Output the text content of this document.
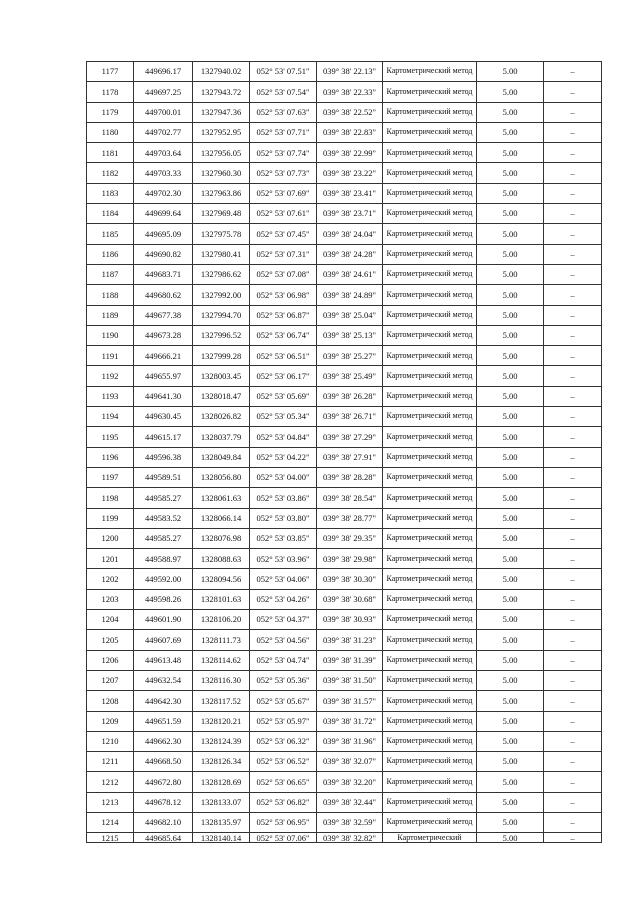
1177	449696.17	1327940.02	052° 53' 07.51"	039° 38' 22.13"	Картометрический метод	5.00	–
1178	449697.25	1327943.72	052° 53' 07.54"	039° 38' 22.33"	Картометрический метод	5.00	–
1179	449700.01	1327947.36	052° 53' 07.63"	039° 38' 22.52"	Картометрический метод	5.00	–
1180	449702.77	1327952.95	052° 53' 07.71"	039° 38' 22.83"	Картометрический метод	5.00	–
1181	449703.64	1327956.05	052° 53' 07.74"	039° 38' 22.99"	Картометрический метод	5.00	–
1182	449703.33	1327960.30	052° 53' 07.73"	039° 38' 23.22"	Картометрический метод	5.00	–
1183	449702.30	1327963.86	052° 53' 07.69"	039° 38' 23.41"	Картометрический метод	5.00	–
1184	449699.64	1327969.48	052° 53' 07.61"	039° 38' 23.71"	Картометрический метод	5.00	–
1185	449695.09	1327975.78	052° 53' 07.45"	039° 38' 24.04"	Картометрический метод	5.00	–
1186	449690.82	1327980.41	052° 53' 07.31"	039° 38' 24.28"	Картометрический метод	5.00	–
1187	449683.71	1327986.62	052° 53' 07.08"	039° 38' 24.61"	Картометрический метод	5.00	–
1188	449680.62	1327992.00	052° 53' 06.98"	039° 38' 24.89"	Картометрический метод	5.00	–
1189	449677.38	1327994.70	052° 53' 06.87"	039° 38' 25.04"	Картометрический метод	5.00	–
1190	449673.28	1327996.52	052° 53' 06.74"	039° 38' 25.13"	Картометрический метод	5.00	–
1191	449666.21	1327999.28	052° 53' 06.51"	039° 38' 25.27"	Картометрический метод	5.00	–
1192	449655.97	1328003.45	052° 53' 06.17"	039° 38' 25.49"	Картометрический метод	5.00	–
1193	449641.30	1328018.47	052° 53' 05.69"	039° 38' 26.28"	Картометрический метод	5.00	–
1194	449630.45	1328026.82	052° 53' 05.34"	039° 38' 26.71"	Картометрический метод	5.00	–
1195	449615.17	1328037.79	052° 53' 04.84"	039° 38' 27.29"	Картометрический метод	5.00	–
1196	449596.38	1328049.84	052° 53' 04.22"	039° 38' 27.91"	Картометрический метод	5.00	–
1197	449589.51	1328056.80	052° 53' 04.00"	039° 38' 28.28"	Картометрический метод	5.00	–
1198	449585.27	1328061.63	052° 53' 03.86"	039° 38' 28.54"	Картометрический метод	5.00	–
1199	449583.52	1328066.14	052° 53' 03.80"	039° 38' 28.77"	Картометрический метод	5.00	–
1200	449585.27	1328076.98	052° 53' 03.85"	039° 38' 29.35"	Картометрический метод	5.00	–
1201	449588.97	1328088.63	052° 53' 03.96"	039° 38' 29.98"	Картометрический метод	5.00	–
1202	449592.00	1328094.56	052° 53' 04.06"	039° 38' 30.30"	Картометрический метод	5.00	–
1203	449598.26	1328101.63	052° 53' 04.26"	039° 38' 30.68"	Картометрический метод	5.00	–
1204	449601.90	1328106.20	052° 53' 04.37"	039° 38' 30.93"	Картометрический метод	5.00	–
1205	449607.69	1328111.73	052° 53' 04.56"	039° 38' 31.23"	Картометрический метод	5.00	–
1206	449613.48	1328114.62	052° 53' 04.74"	039° 38' 31.39"	Картометрический метод	5.00	–
1207	449632.54	1328116.30	052° 53' 05.36"	039° 38' 31.50"	Картометрический метод	5.00	–
1208	449642.30	1328117.52	052° 53' 05.67"	039° 38' 31.57"	Картометрический метод	5.00	–
1209	449651.59	1328120.21	052° 53' 05.97"	039° 38' 31.72"	Картометрический метод	5.00	–
1210	449662.30	1328124.39	052° 53' 06.32"	039° 38' 31.96"	Картометрический метод	5.00	–
1211	449668.50	1328126.34	052° 53' 06.52"	039° 38' 32.07"	Картометрический метод	5.00	–
1212	449672.80	1328128.69	052° 53' 06.65"	039° 38' 32.20"	Картометрический метод	5.00	–
1213	449678.12	1328133.07	052° 53' 06.82"	039° 38' 32.44"	Картометрический метод	5.00	–
1214	449682.10	1328135.97	052° 53' 06.95"	039° 38' 32.59"	Картометрический метод	5.00	–
1215	449685.64	1328140.14	052° 53' 07.06"	039° 38' 32.82"	Картометрический	5.00	–
